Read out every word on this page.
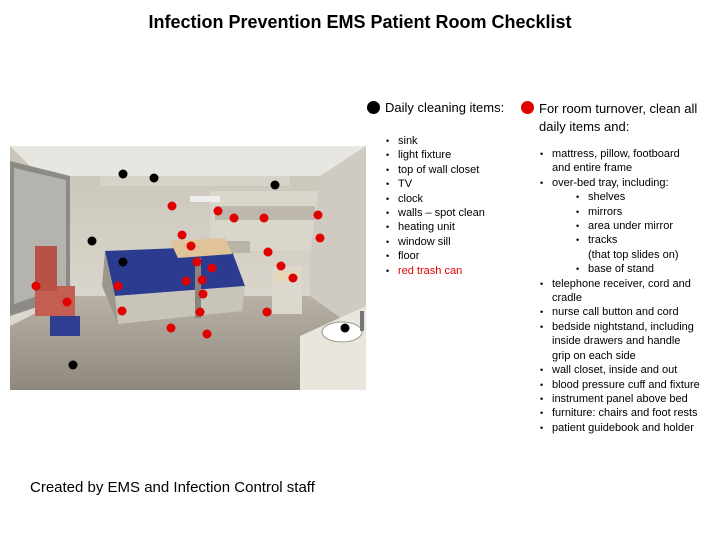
Infection Prevention EMS Patient Room Checklist
Daily cleaning items:	For room turnover, clean all daily items and:
• sink
• light fixture
• top of wall closet
• TV
• clock
• walls – spot clean
• heating unit
• window sill
• floor
• red trash can
• mattress, pillow, footboard
and entire frame
• over-bed tray, including:
• shelves
• mirrors
• area under mirror
• tracks
(that top slides on)
• base of stand
• telephone receiver, cord and
cradle
• nurse call button and cord
• bedside nightstand, including
inside drawers and handle
grip on each side
• wall closet, inside and out
• blood pressure cuff and fixture
• instrument panel above bed
• furniture: chairs and foot rests
• patient guidebook and holder
Created by EMS and Infection Control staff
